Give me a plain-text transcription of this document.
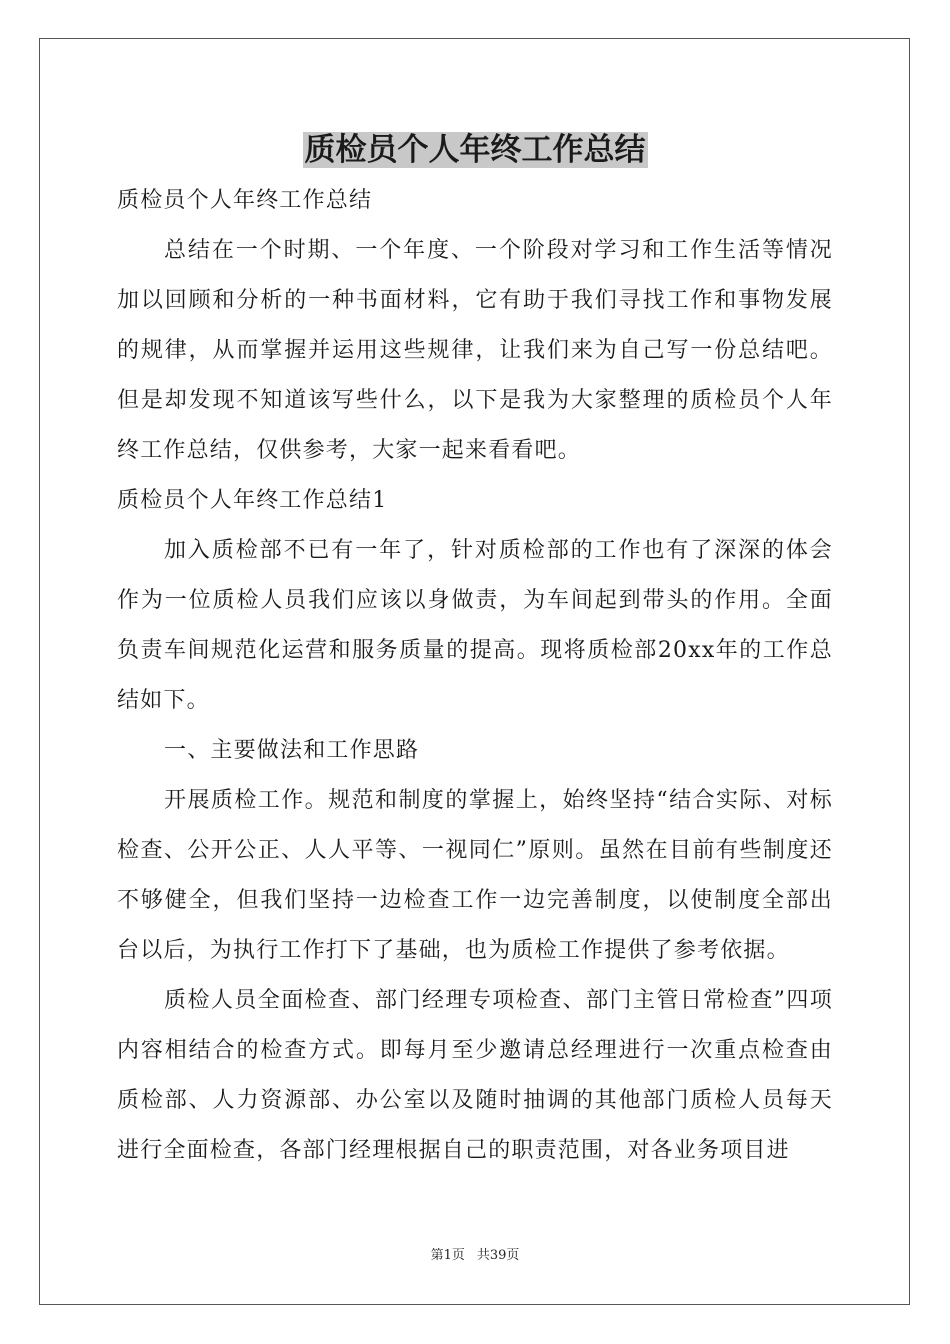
质检员个人年终工作总结

质检员个人年终工作总结

总结在一个时期、一个年度、一个阶段对学习和工作生活等情况加以回顾和分析的一种书面材料，它有助于我们寻找工作和事物发展的规律，从而掌握并运用这些规律，让我们来为自己写一份总结吧。但是却发现不知道该写些什么，以下是我为大家整理的质检员个人年终工作总结，仅供参考，大家一起来看看吧。

质检员个人年终工作总结1

加入质检部不已有一年了，针对质检部的工作也有了深深的体会作为一位质检人员我们应该以身做责，为车间起到带头的作用。全面负责车间规范化运营和服务质量的提高。现将质检部20xx年的工作总结如下。

一、主要做法和工作思路

开展质检工作。规范和制度的掌握上，始终坚持“结合实际、对标检查、公开公正、人人平等、一视同仁”原则。虽然在目前有些制度还不够健全，但我们坚持一边检查工作一边完善制度，以使制度全部出台以后，为执行工作打下了基础，也为质检工作提供了参考依据。

质检人员全面检查、部门经理专项检查、部门主管日常检查”四项内容相结合的检查方式。即每月至少邀请总经理进行一次重点检查由质检部、人力资源部、办公室以及随时抽调的其他部门质检人员每天进行全面检查，各部门经理根据自己的职责范围，对各业务项目进

第1页 共39页
